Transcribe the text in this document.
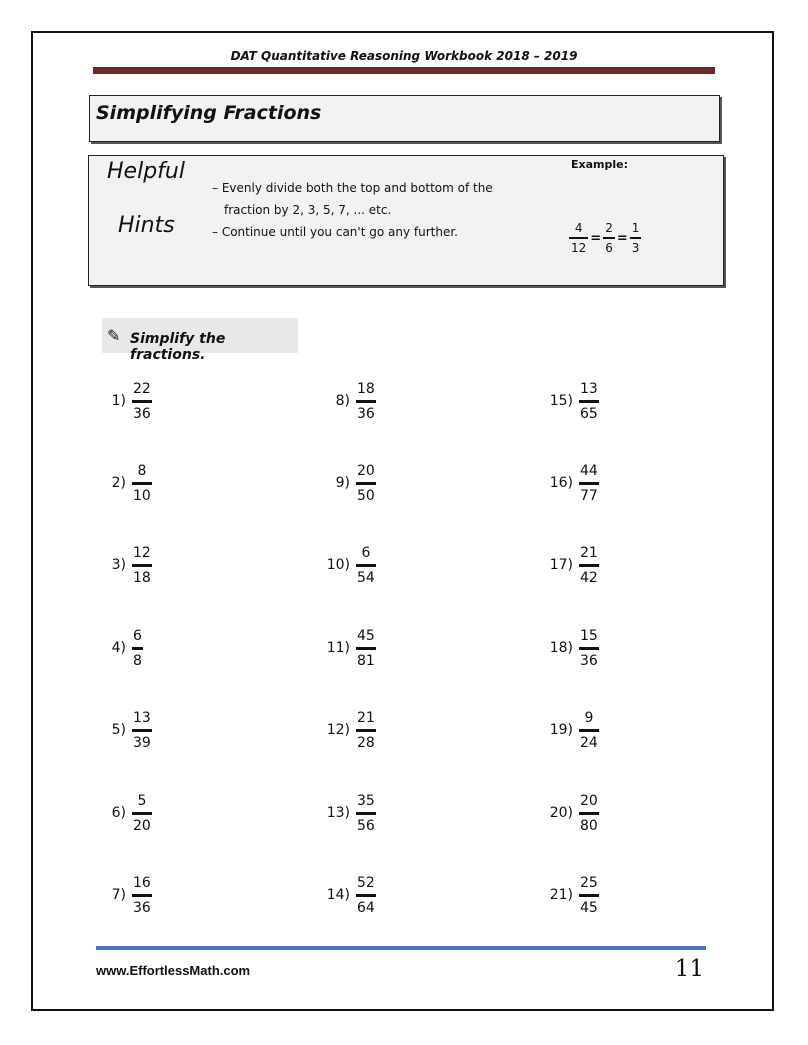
DAT Quantitative Reasoning Workbook 2018 – 2019
Simplifying Fractions
Helpful
Hints
– Evenly divide both the top and bottom of the
fraction by 2, 3, 5, 7, ... etc.
– Continue until you can't go any further.
Example:
$\frac{4}{12} = \frac{2}{6} = \frac{1}{3}$
✎ Simplify the fractions.
$1) \frac{22}{36}$
$2) \frac{8}{10}$
$3) \frac{12}{18}$
$4) \frac{6}{8}$
$5) \frac{13}{39}$
$6) \frac{5}{20}$
$7) \frac{16}{36}$
$8) \frac{18}{36}$
$9) \frac{20}{50}$
$10) \frac{6}{54}$
$11) \frac{45}{81}$
$12) \frac{21}{28}$
$13) \frac{35}{56}$
$14) \frac{52}{64}$
$15) \frac{13}{65}$
$16) \frac{44}{77}$
$17) \frac{21}{42}$
$18) \frac{15}{36}$
$19) \frac{9}{24}$
$20) \frac{20}{80}$
$21) \frac{25}{45}$
www.EffortlessMath.com	11
